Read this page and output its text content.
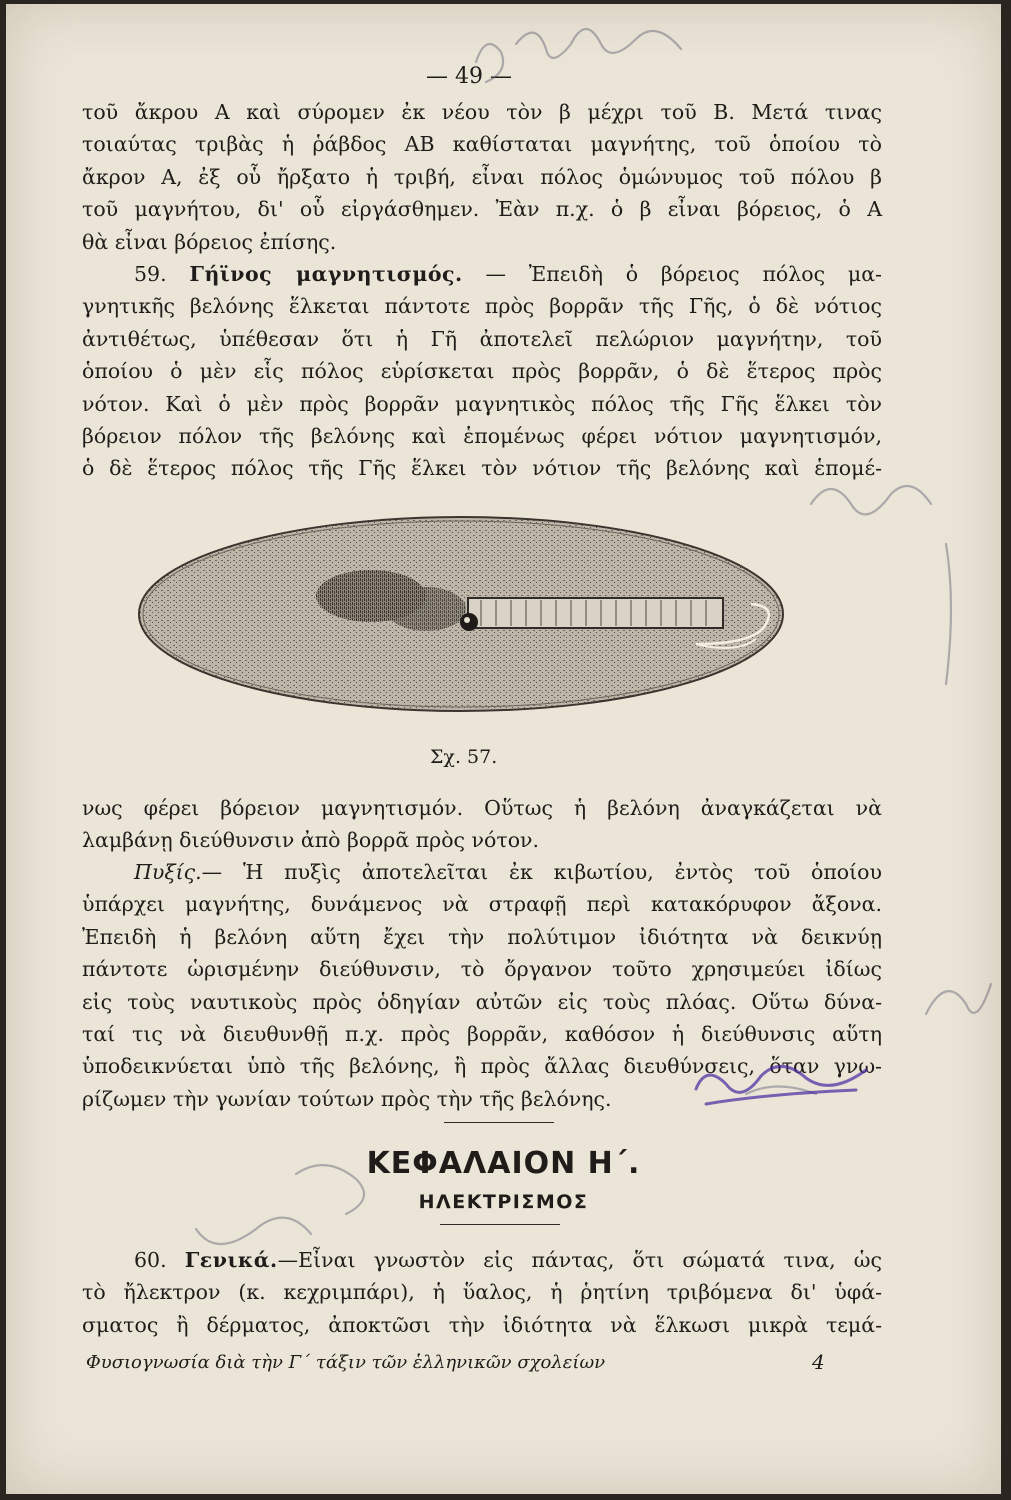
— 49 —
τοῦ ἄκρου Α καὶ σύρομεν ἐκ νέου τὸν β μέχρι τοῦ Β. Μετά τινας
τοιαύτας τριβὰς ἡ ῥάβδος ΑΒ καθίσταται μαγνήτης, τοῦ ὁποίου τὸ
ἄκρον Α, ἐξ οὗ ἤρξατο ἡ τριβή, εἶναι πόλος ὁμώνυμος τοῦ πόλου β
τοῦ μαγνήτου, δι' οὗ εἰργάσθημεν. Ἐὰν π.χ. ὁ β εἶναι βόρειος, ὁ Α
θὰ εἶναι βόρειος ἐπίσης.
59. Γήϊνος μαγνητισμός. — Ἐπειδὴ ὁ βόρειος πόλος μα-
γνητικῆς βελόνης ἕλκεται πάντοτε πρὸς βορρᾶν τῆς Γῆς, ὁ δὲ νότιος
ἀντιθέτως, ὑπέθεσαν ὅτι ἡ Γῆ ἀποτελεῖ πελώριον μαγνήτην, τοῦ
ὁποίου ὁ μὲν εἷς πόλος εὑρίσκεται πρὸς βορρᾶν, ὁ δὲ ἕτερος πρὸς
νότον. Καὶ ὁ μὲν πρὸς βορρᾶν μαγνητικὸς πόλος τῆς Γῆς ἕλκει τὸν
βόρειον πόλον τῆς βελόνης καὶ ἑπομένως φέρει νότιον μαγνητισμόν,
ὁ δὲ ἕτερος πόλος τῆς Γῆς ἕλκει τὸν νότιον τῆς βελόνης καὶ ἑπομέ-
Σχ. 57.
νως φέρει βόρειον μαγνητισμόν. Οὕτως ἡ βελόνη ἀναγκάζεται νὰ
λαμβάνῃ διεύθυνσιν ἀπὸ βορρᾶ πρὸς νότον.
Πυξίς.— Ἡ πυξὶς ἀποτελεῖται ἐκ κιβωτίου, ἐντὸς τοῦ ὁποίου
ὑπάρχει μαγνήτης, δυνάμενος νὰ στραφῇ περὶ κατακόρυφον ἄξονα.
Ἐπειδὴ ἡ βελόνη αὕτη ἔχει τὴν πολύτιμον ἰδιότητα νὰ δεικνύῃ
πάντοτε ὡρισμένην διεύθυνσιν, τὸ ὄργανον τοῦτο χρησιμεύει ἰδίως
εἰς τοὺς ναυτικοὺς πρὸς ὁδηγίαν αὐτῶν εἰς τοὺς πλόας. Οὕτω δύνα-
ταί τις νὰ διευθυνθῇ π.χ. πρὸς βορρᾶν, καθόσον ἡ διεύθυνσις αὕτη
ὑποδεικνύεται ὑπὸ τῆς βελόνης, ἢ πρὸς ἄλλας διευθύνσεις, ὅταν γνω-
ρίζωμεν τὴν γωνίαν τούτων πρὸς τὴν τῆς βελόνης.
ΚΕΦΑΛΑΙΟΝ Η΄.
ΗΛΕΚΤΡΙΣΜΟΣ
60. Γενικά.—Εἶναι γνωστὸν εἰς πάντας, ὅτι σώματά τινα, ὡς
τὸ ἤλεκτρον (κ. κεχριμπάρι), ἡ ὕαλος, ἡ ῥητίνη τριβόμενα δι' ὑφά-
σματος ἢ δέρματος, ἀποκτῶσι τὴν ἰδιότητα νὰ ἕλκωσι μικρὰ τεμά-
Φυσιογνωσία διὰ τὴν Γ΄ τάξιν τῶν ἑλληνικῶν σχολείων	4
